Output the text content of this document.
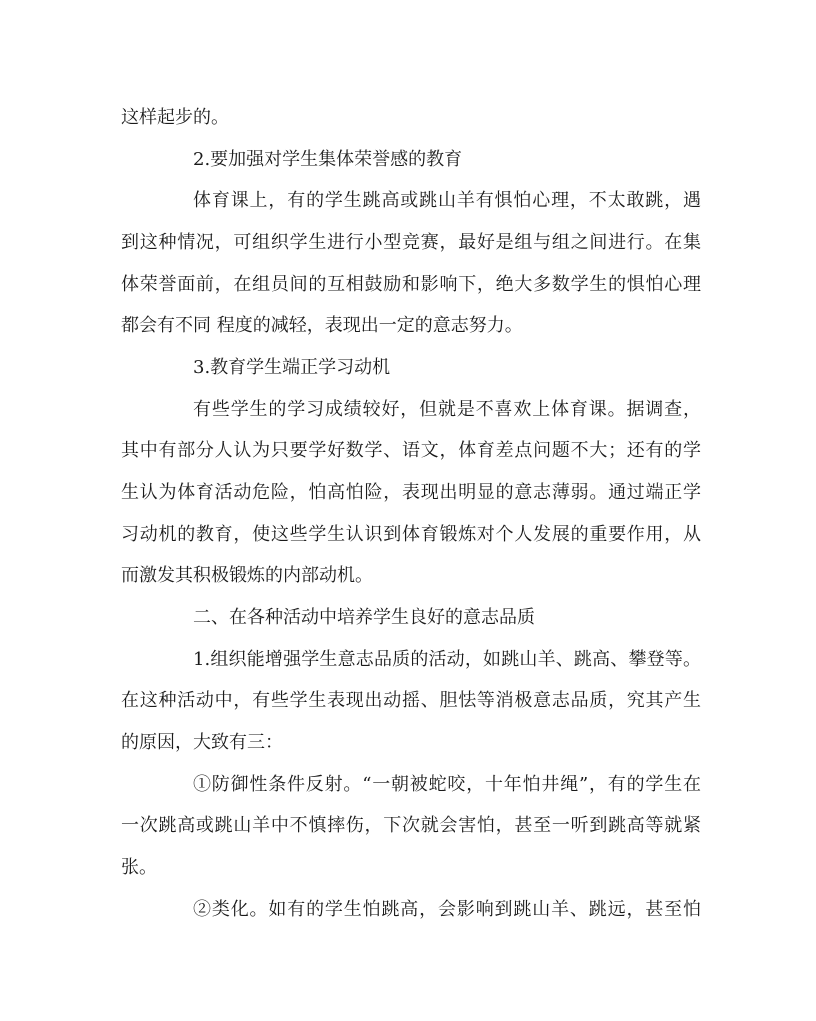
这样起步的。
2.要加强对学生集体荣誉感的教育
体育课上，有的学生跳高或跳山羊有惧怕心理，不太敢跳，遇
到这种情况，可组织学生进行小型竞赛，最好是组与组之间进行。在集
体荣誉面前，在组员间的互相鼓励和影响下，绝大多数学生的惧怕心理
都会有不同 程度的减轻，表现出一定的意志努力。
3.教育学生端正学习动机
有些学生的学习成绩较好，但就是不喜欢上体育课。据调查，
其中有部分人认为只要学好数学、语文，体育差点问题不大；还有的学
生认为体育活动危险，怕高怕险，表现出明显的意志薄弱。通过端正学
习动机的教育，使这些学生认识到体育锻炼对个人发展的重要作用，从
而激发其积极锻炼的内部动机。
二、在各种活动中培养学生良好的意志品质
1.组织能增强学生意志品质的活动，如跳山羊、跳高、攀登等。
在这种活动中，有些学生表现出动摇、胆怯等消极意志品质，究其产生
的原因，大致有三：
①防御性条件反射。“一朝被蛇咬，十年怕井绳”，有的学生在
一次跳高或跳山羊中不慎摔伤，下次就会害怕，甚至一听到跳高等就紧
张。
②类化。如有的学生怕跳高，会影响到跳山羊、跳远，甚至怕
